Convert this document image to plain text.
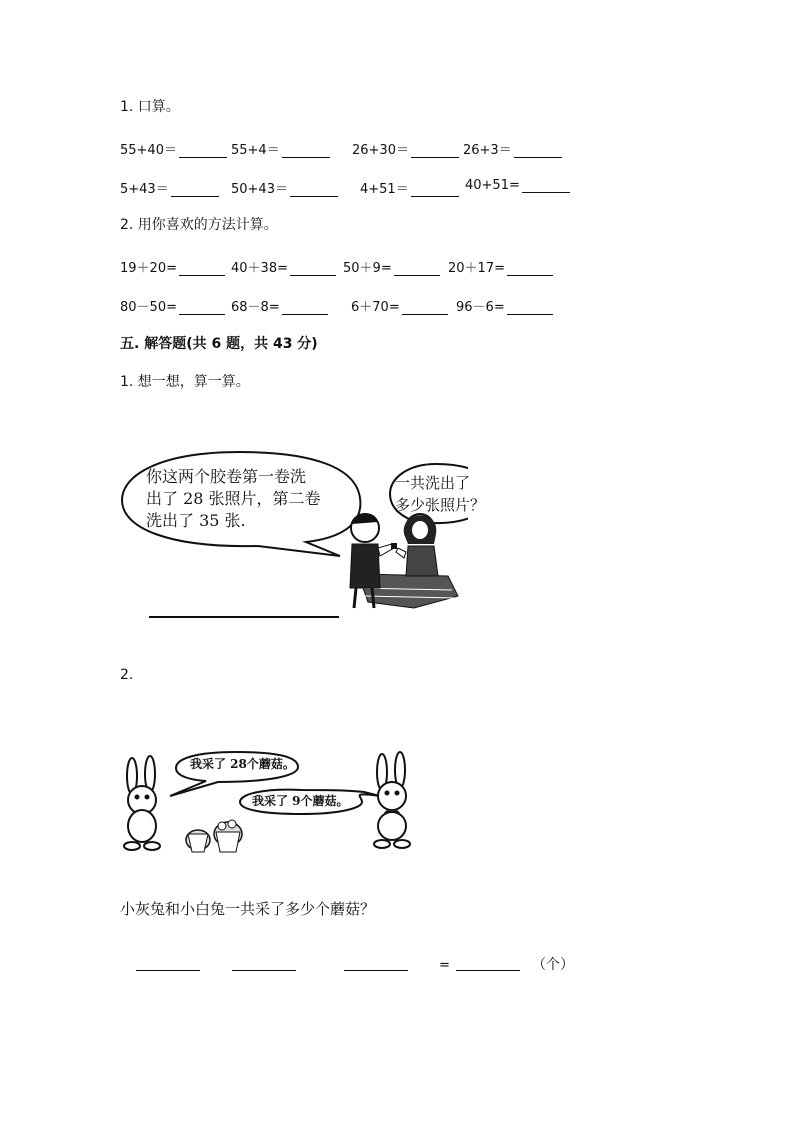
1. 口算。
55+40＝	55+4＝	26+30＝	26+3＝
5+43＝	50+43＝	4+51＝	40+51=
2. 用你喜欢的方法计算。
19＋20=	40＋38=	50＋9=	20＋17=
80－50=	68－8=	6＋70=	96－6=
五. 解答题(共 6 题，共 43 分)
1. 想一想，算一算。
你这两个胶卷第一卷洗
出了 28 张照片，第二卷
洗出了 35 张.
一共洗出了
多少张照片？
2.
我采了 28个蘑菇。
我采了 9个蘑菇。
小灰兔和小白兔一共采了多少个蘑菇？
=	（个）
